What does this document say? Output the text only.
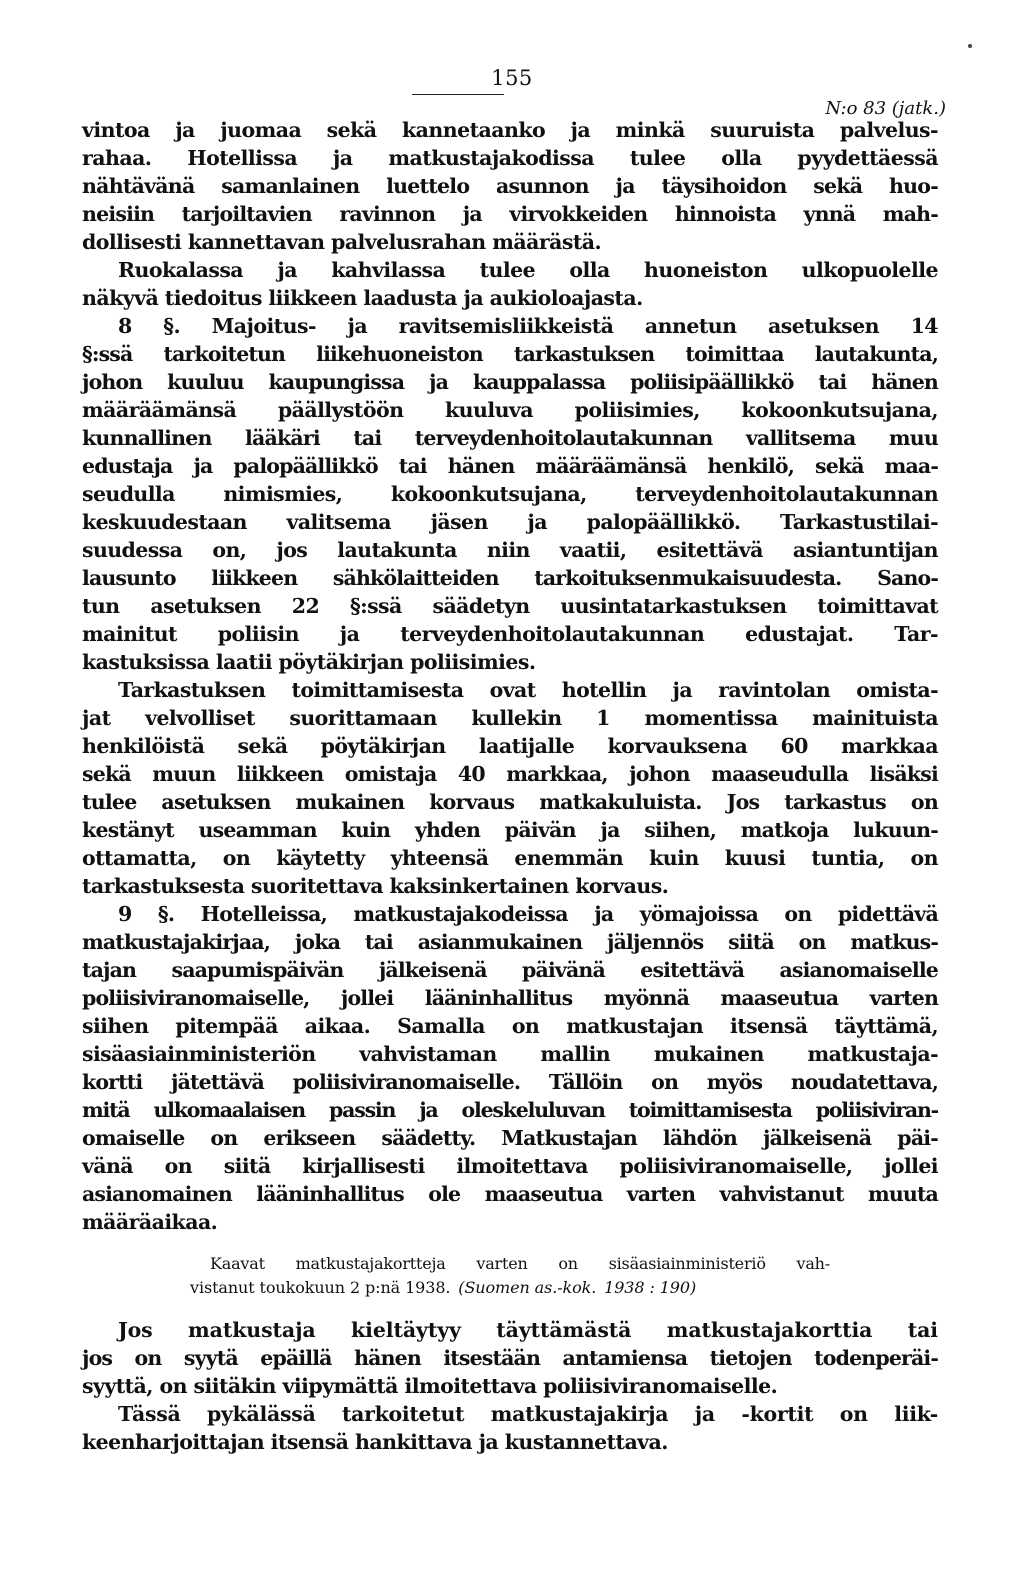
155
N:o 83 (jatk.)
vintoa ja juomaa sekä kannetaanko ja minkä suuruista palvelus-
rahaa. Hotellissa ja matkustajakodissa tulee olla pyydettäessä
nähtävänä samanlainen luettelo asunnon ja täysihoidon sekä huo-
neisiin tarjoiltavien ravinnon ja virvokkeiden hinnoista ynnä mah-
dollisesti kannettavan palvelusrahan määrästä.
Ruokalassa ja kahvilassa tulee olla huoneiston ulkopuolelle
näkyvä tiedoitus liikkeen laadusta ja aukioloajasta.
8 §. Majoitus- ja ravitsemisliikkeistä annetun asetuksen 14
§:ssä tarkoitetun liikehuoneiston tarkastuksen toimittaa lautakunta,
johon kuuluu kaupungissa ja kauppalassa poliisipäällikkö tai hänen
määräämänsä päällystöön kuuluva poliisimies, kokoonkutsujana,
kunnallinen lääkäri tai terveydenhoitolautakunnan vallitsema muu
edustaja ja palopäällikkö tai hänen määräämänsä henkilö, sekä maa-
seudulla nimismies, kokoonkutsujana, terveydenhoitolautakunnan
keskuudestaan valitsema jäsen ja palopäällikkö. Tarkastustilai-
suudessa on, jos lautakunta niin vaatii, esitettävä asiantuntijan
lausunto liikkeen sähkölaitteiden tarkoituksenmukaisuudesta. Sano-
tun asetuksen 22 §:ssä säädetyn uusintatarkastuksen toimittavat
mainitut poliisin ja terveydenhoitolautakunnan edustajat. Tar-
kastuksissa laatii pöytäkirjan poliisimies.
Tarkastuksen toimittamisesta ovat hotellin ja ravintolan omista-
jat velvolliset suorittamaan kullekin 1 momentissa mainituista
henkilöistä sekä pöytäkirjan laatijalle korvauksena 60 markkaa
sekä muun liikkeen omistaja 40 markkaa, johon maaseudulla lisäksi
tulee asetuksen mukainen korvaus matkakuluista. Jos tarkastus on
kestänyt useamman kuin yhden päivän ja siihen, matkoja lukuun-
ottamatta, on käytetty yhteensä enemmän kuin kuusi tuntia, on
tarkastuksesta suoritettava kaksinkertainen korvaus.
9 §. Hotelleissa, matkustajakodeissa ja yömajoissa on pidettävä
matkustajakirjaa, joka tai asianmukainen jäljennös siitä on matkus-
tajan saapumispäivän jälkeisenä päivänä esitettävä asianomaiselle
poliisiviranomaiselle, jollei lääninhallitus myönnä maaseutua varten
siihen pitempää aikaa. Samalla on matkustajan itsensä täyttämä,
sisäasiainministeriön vahvistaman mallin mukainen matkustaja-
kortti jätettävä poliisiviranomaiselle. Tällöin on myös noudatettava,
mitä ulkomaalaisen passin ja oleskeluluvan toimittamisesta poliisiviran-
omaiselle on erikseen säädetty. Matkustajan lähdön jälkeisenä päi-
vänä on siitä kirjallisesti ilmoitettava poliisiviranomaiselle, jollei
asianomainen lääninhallitus ole maaseutua varten vahvistanut muuta
määräaikaa.
Kaavat matkustajakortteja varten on sisäasiainministeriö vah-
vistanut toukokuun 2 p:nä 1938.  (Suomen as.-kok.  1938 : 190)
Jos matkustaja kieltäytyy täyttämästä matkustajakorttia tai
jos on syytä epäillä hänen itsestään antamiensa tietojen todenperäi-
syyttä, on siitäkin viipymättä ilmoitettava poliisiviranomaiselle.
Tässä pykälässä tarkoitetut matkustajakirja ja -kortit on liik-
keenharjoittajan itsensä hankittava ja kustannettava.
